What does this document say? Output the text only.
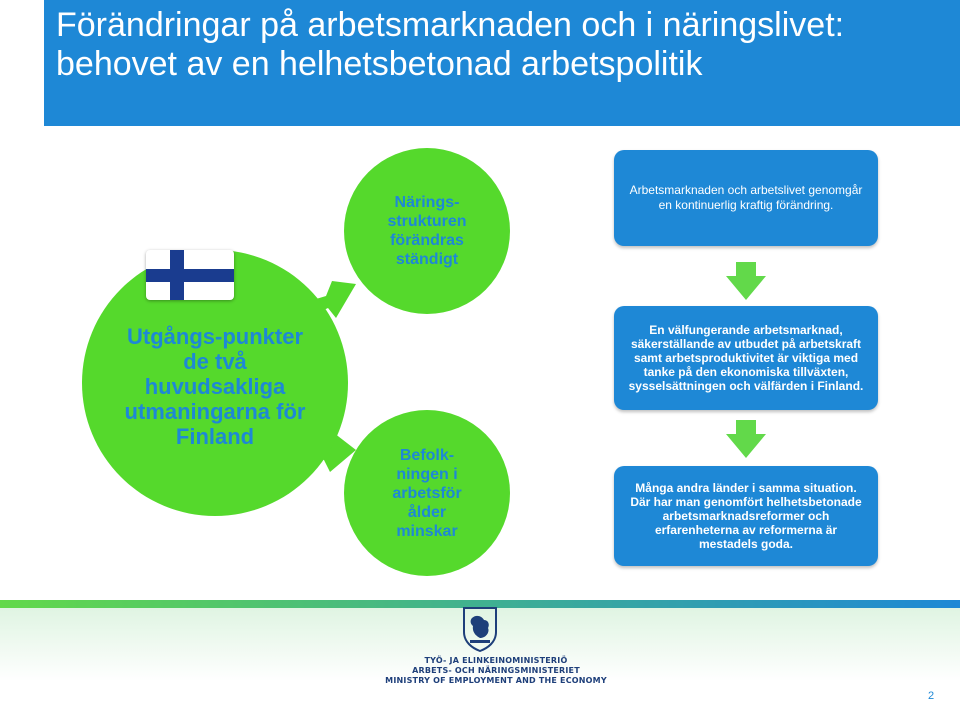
Förändringar på arbetsmarknaden och i näringslivet: behovet av en helhetsbetonad arbetspolitik
Utgångs-punkter de två huvudsakliga utmaningarna för Finland
Närings-strukturen förändras ständigt
Befolk-ningen i arbetsför ålder minskar
Arbetsmarknaden och arbetslivet genomgår en kontinuerlig kraftig förändring.
En välfungerande arbetsmarknad, säkerställande av utbudet på arbetskraft samt arbetsproduktivitet är viktiga med tanke på den ekonomiska tillväxten, sysselsättningen och välfärden i Finland.
Många andra länder i samma situation. Där har man genomfört helhetsbetonade arbetsmarknadsreformer och erfarenheterna av reformerna är mestadels goda.
TYÖ- JA ELINKEINOMINISTERIÖ
ARBETS- OCH NÄRINGSMINISTERIET
MINISTRY OF EMPLOYMENT AND THE ECONOMY
2
